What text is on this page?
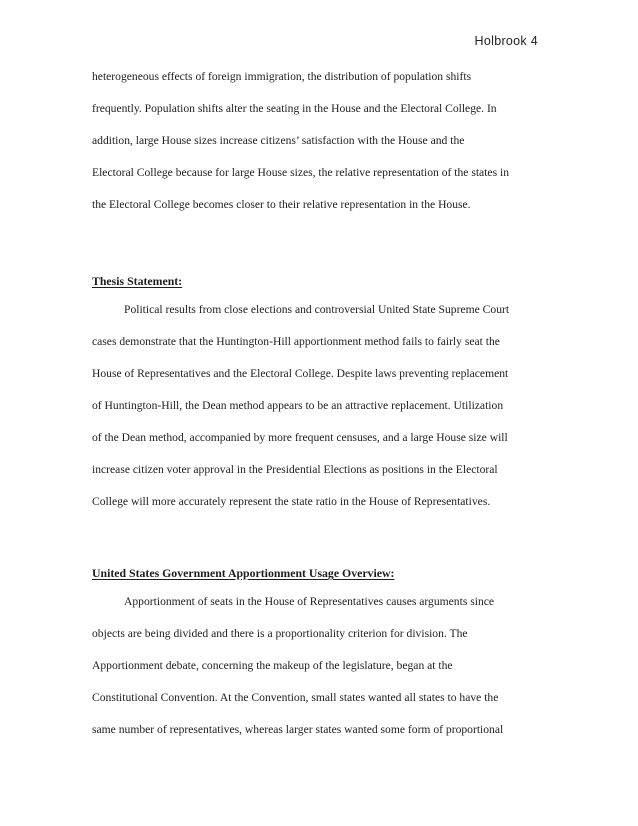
Holbrook 4
heterogeneous effects of foreign immigration, the distribution of population shifts
frequently. Population shifts alter the seating in the House and the Electoral College. In
addition, large House sizes increase citizens’ satisfaction with the House and the
Electoral College because for large House sizes, the relative representation of the states in
the Electoral College becomes closer to their relative representation in the House.
Thesis Statement:
Political results from close elections and controversial United State Supreme Court
cases demonstrate that the Huntington-Hill apportionment method fails to fairly seat the
House of Representatives and the Electoral College. Despite laws preventing replacement
of Huntington-Hill, the Dean method appears to be an attractive replacement. Utilization
of the Dean method, accompanied by more frequent censuses, and a large House size will
increase citizen voter approval in the Presidential Elections as positions in the Electoral
College will more accurately represent the state ratio in the House of Representatives.
United States Government Apportionment Usage Overview:
Apportionment of seats in the House of Representatives causes arguments since
objects are being divided and there is a proportionality criterion for division. The
Apportionment debate, concerning the makeup of the legislature, began at the
Constitutional Convention. At the Convention, small states wanted all states to have the
same number of representatives, whereas larger states wanted some form of proportional
